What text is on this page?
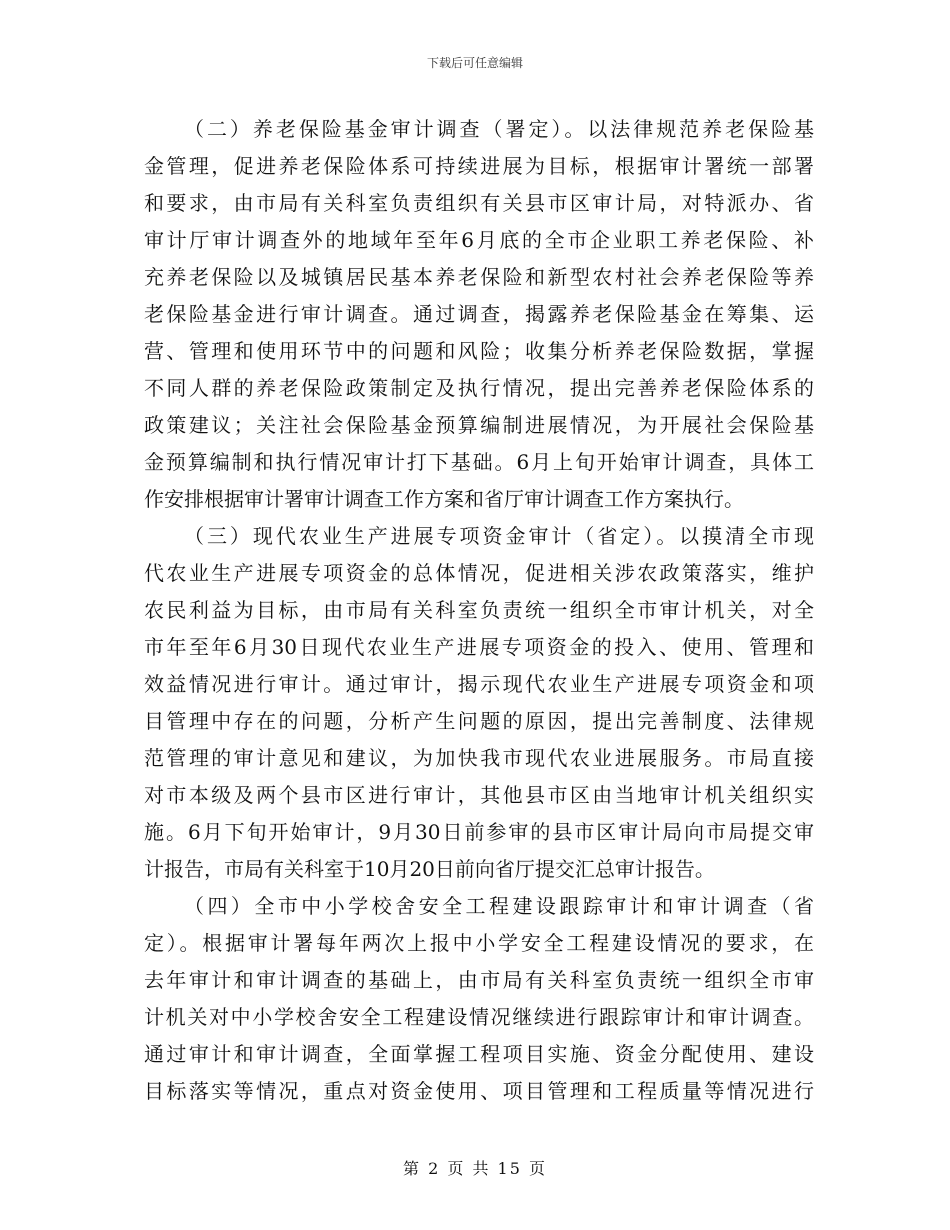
下载后可任意编辑
（二）养老保险基金审计调查（署定）。以法律规范养老保险基
金管理，促进养老保险体系可持续进展为目标，根据审计署统一部署
和要求，由市局有关科室负责组织有关县市区审计局，对特派办、省
审计厅审计调查外的地域年至年6月底的全市企业职工养老保险、补
充养老保险以及城镇居民基本养老保险和新型农村社会养老保险等养
老保险基金进行审计调查。通过调查，揭露养老保险基金在筹集、运
营、管理和使用环节中的问题和风险；收集分析养老保险数据，掌握
不同人群的养老保险政策制定及执行情况，提出完善养老保险体系的
政策建议；关注社会保险基金预算编制进展情况，为开展社会保险基
金预算编制和执行情况审计打下基础。6月上旬开始审计调查，具体工
作安排根据审计署审计调查工作方案和省厅审计调查工作方案执行。
（三）现代农业生产进展专项资金审计（省定）。以摸清全市现
代农业生产进展专项资金的总体情况，促进相关涉农政策落实，维护
农民利益为目标，由市局有关科室负责统一组织全市审计机关，对全
市年至年6月30日现代农业生产进展专项资金的投入、使用、管理和
效益情况进行审计。通过审计，揭示现代农业生产进展专项资金和项
目管理中存在的问题，分析产生问题的原因，提出完善制度、法律规
范管理的审计意见和建议，为加快我市现代农业进展服务。市局直接
对市本级及两个县市区进行审计，其他县市区由当地审计机关组织实
施。6月下旬开始审计，9月30日前参审的县市区审计局向市局提交审
计报告，市局有关科室于10月20日前向省厅提交汇总审计报告。
（四）全市中小学校舍安全工程建设跟踪审计和审计调查（省
定）。根据审计署每年两次上报中小学安全工程建设情况的要求，在
去年审计和审计调查的基础上，由市局有关科室负责统一组织全市审
计机关对中小学校舍安全工程建设情况继续进行跟踪审计和审计调查。
通过审计和审计调查，全面掌握工程项目实施、资金分配使用、建设
目标落实等情况，重点对资金使用、项目管理和工程质量等情况进行
第 2 页 共 15 页
